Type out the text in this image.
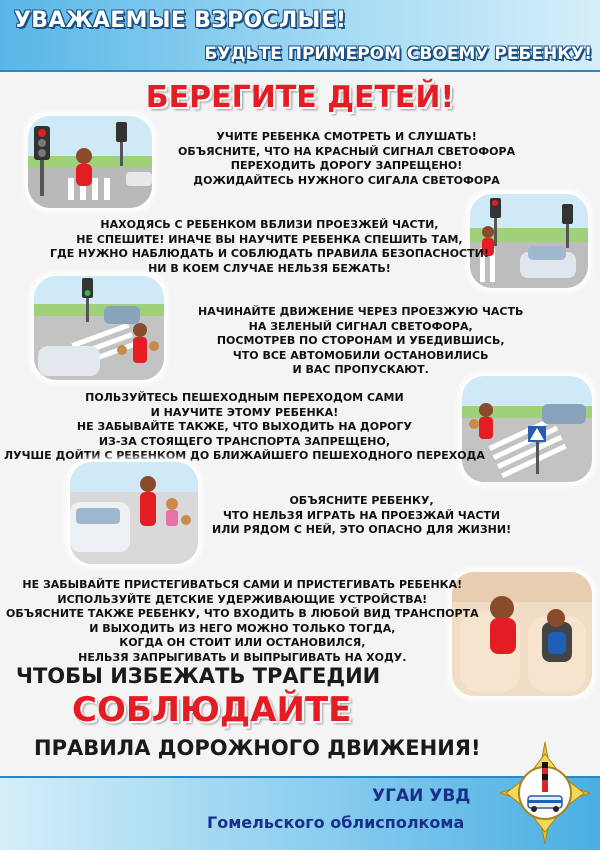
УВАЖАЕМЫЕ ВЗРОСЛЫЕ!
БУДЬТЕ ПРИМЕРОМ СВОЕМУ РЕБЕНКУ!
БЕРЕГИТЕ ДЕТЕЙ!
УЧИТЕ РЕБЕНКА СМОТРЕТЬ И СЛУШАТЬ!
ОБЪЯСНИТЕ, ЧТО НА КРАСНЫЙ СИГНАЛ СВЕТОФОРА
ПЕРЕХОДИТЬ ДОРОГУ ЗАПРЕЩЕНО!
ДОЖИДАЙТЕСЬ НУЖНОГО СИГАЛА СВЕТОФОРА
НАХОДЯСЬ С РЕБЕНКОМ ВБЛИЗИ ПРОЕЗЖЕЙ ЧАСТИ,
НЕ СПЕШИТЕ! ИНАЧЕ ВЫ НАУЧИТЕ РЕБЕНКА СПЕШИТЬ ТАМ,
ГДЕ НУЖНО НАБЛЮДАТЬ И СОБЛЮДАТЬ ПРАВИЛА БЕЗОПАСНОСТИ!
НИ В КОЕМ СЛУЧАЕ НЕЛЬЗЯ БЕЖАТЬ!
НАЧИНАЙТЕ ДВИЖЕНИЕ ЧЕРЕЗ ПРОЕЗЖУЮ ЧАСТЬ
НА ЗЕЛЕНЫЙ СИГНАЛ СВЕТОФОРА,
ПОСМОТРЕВ ПО СТОРОНАМ И УБЕДИВШИСЬ,
ЧТО ВСЕ АВТОМОБИЛИ ОСТАНОВИЛИСЬ
И ВАС ПРОПУСКАЮТ.
ПОЛЬЗУЙТЕСЬ ПЕШЕХОДНЫМ ПЕРЕХОДОМ САМИ
И НАУЧИТЕ ЭТОМУ РЕБЕНКА!
НЕ ЗАБЫВАЙТЕ ТАКЖЕ, ЧТО ВЫХОДИТЬ НА ДОРОГУ
ИЗ-ЗА СТОЯЩЕГО ТРАНСПОРТА ЗАПРЕЩЕНО,
ЛУЧШЕ ДОЙТИ С РЕБЕНКОМ ДО БЛИЖАЙШЕГО ПЕШЕХОДНОГО ПЕРЕХОДА
ОБЪЯСНИТЕ РЕБЕНКУ,
ЧТО НЕЛЬЗЯ ИГРАТЬ НА ПРОЕЗЖАЙ ЧАСТИ
ИЛИ РЯДОМ С НЕЙ, ЭТО ОПАСНО ДЛЯ ЖИЗНИ!
НЕ ЗАБЫВАЙТЕ ПРИСТЕГИВАТЬСЯ САМИ И ПРИСТЕГИВАТЬ РЕБЕНКА!
ИСПОЛЬЗУЙТЕ ДЕТСКИЕ УДЕРЖИВАЮЩИЕ УСТРОЙСТВА!
ОБЪЯСНИТЕ ТАКЖЕ РЕБЕНКУ, ЧТО ВХОДИТЬ В ЛЮБОЙ ВИД ТРАНСПОРТА
И ВЫХОДИТЬ ИЗ НЕГО МОЖНО ТОЛЬКО ТОГДА,
КОГДА ОН СТОИТ ИЛИ ОСТАНОВИЛСЯ,
НЕЛЬЗЯ ЗАПРЫГИВАТЬ И ВЫПРЫГИВАТЬ НА ХОДУ.
ЧТОБЫ ИЗБЕЖАТЬ ТРАГЕДИИ
СОБЛЮДАЙТЕ
ПРАВИЛА ДОРОЖНОГО ДВИЖЕНИЯ!
УГАИ УВД
Гомельского облисполкома
